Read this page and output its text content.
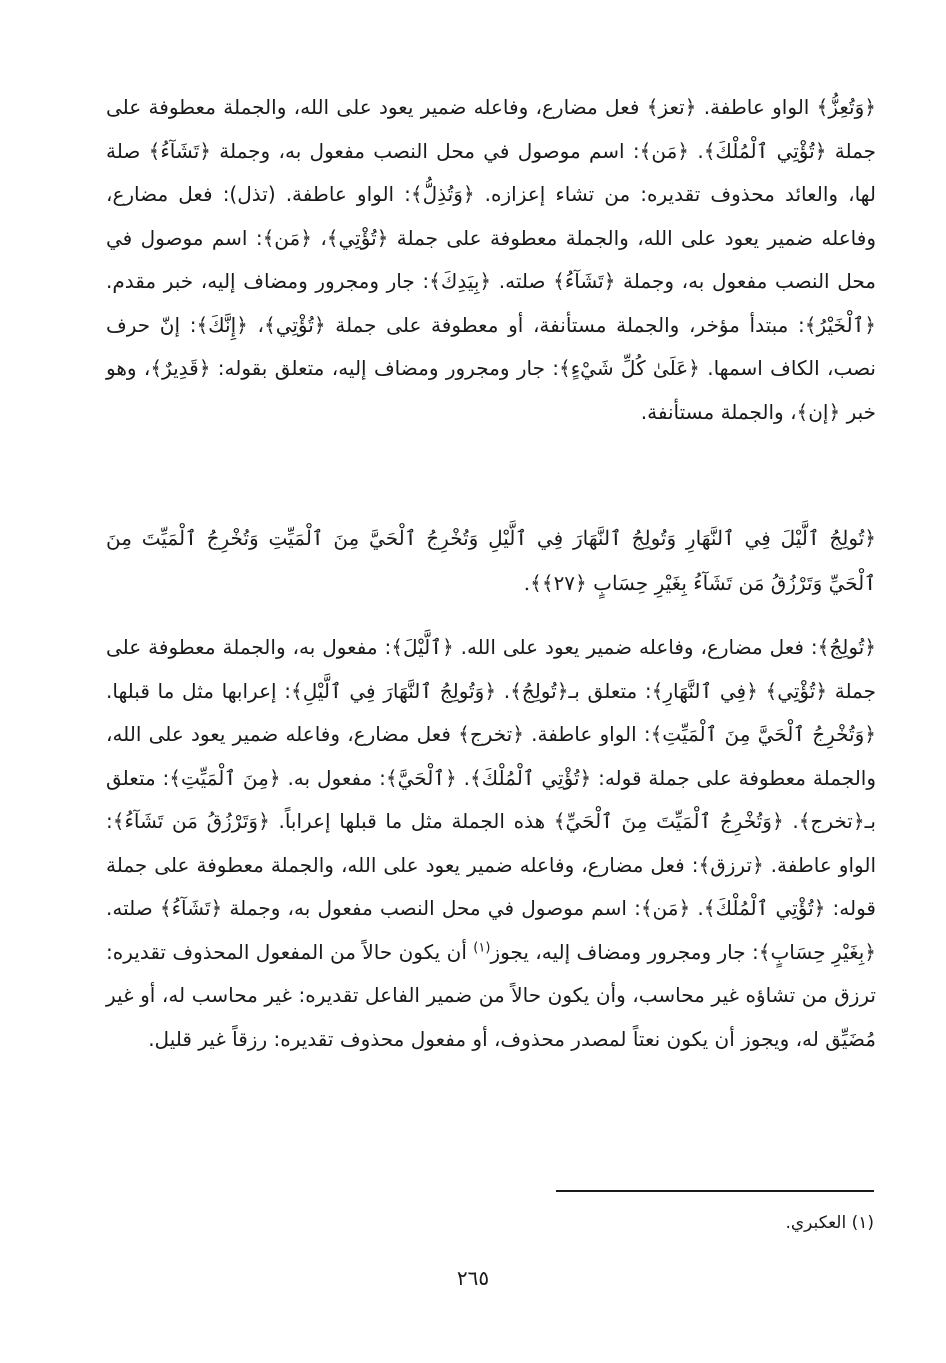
﴿وَتُعِزُّ﴾ الواو عاطفة. ﴿تعز﴾ فعل مضارع، وفاعله ضمير يعود على الله، والجملة معطوفة على جملة ﴿تُؤْتِي ٱلْمُلْكَ﴾. ﴿مَن﴾: اسم موصول في محل النصب مفعول به، وجملة ﴿تَشَآءُ﴾ صلة لها، والعائد محذوف تقديره: من تشاء إعزازه. ﴿وَتُذِلُّ﴾: الواو عاطفة. (تذل): فعل مضارع، وفاعله ضمير يعود على الله، والجملة معطوفة على جملة ﴿تُؤْتِي﴾، ﴿مَن﴾: اسم موصول في محل النصب مفعول به، وجملة ﴿تَشَآءُ﴾ صلته. ﴿بِيَدِكَ﴾: جار ومجرور ومضاف إليه، خبر مقدم. ﴿ٱلْخَيْرُ﴾: مبتدأ مؤخر، والجملة مستأنفة، أو معطوفة على جملة ﴿تُؤْتِي﴾، ﴿إِنَّكَ﴾: إنّ حرف نصب، الكاف اسمها. ﴿عَلَىٰ كُلِّ شَيْءٍ﴾: جار ومجرور ومضاف إليه، متعلق بقوله: ﴿قَدِيرٌ﴾، وهو خبر ﴿إن﴾، والجملة مستأنفة.

﴿تُولِجُ ٱلَّيْلَ فِي ٱلنَّهَارِ وَتُولِجُ ٱلنَّهَارَ فِي ٱلَّيْلِ وَتُخْرِجُ ٱلْحَيَّ مِنَ ٱلْمَيِّتِ وَتُخْرِجُ ٱلْمَيِّتَ مِنَ ٱلْحَيِّ وَتَرْزُقُ مَن تَشَآءُ بِغَيْرِ حِسَابٍ ﴿٢٧﴾﴾.

﴿تُولِجُ﴾: فعل مضارع، وفاعله ضمير يعود على الله. ﴿ٱلَّيْلَ﴾: مفعول به، والجملة معطوفة على جملة ﴿تُؤْتِي﴾ ﴿فِي ٱلنَّهَارِ﴾: متعلق بـ﴿تُولِجُ﴾. ﴿وَتُولِجُ ٱلنَّهَارَ فِي ٱلَّيْلِ﴾: إعرابها مثل ما قبلها. ﴿وَتُخْرِجُ ٱلْحَيَّ مِنَ ٱلْمَيِّتِ﴾: الواو عاطفة. ﴿تخرج﴾ فعل مضارع، وفاعله ضمير يعود على الله، والجملة معطوفة على جملة قوله: ﴿تُؤْتِي ٱلْمُلْكَ﴾. ﴿ٱلْحَيَّ﴾: مفعول به. ﴿مِنَ ٱلْمَيِّتِ﴾: متعلق بـ﴿تخرج﴾. ﴿وَتُخْرِجُ ٱلْمَيِّتَ مِنَ ٱلْحَيِّ﴾ هذه الجملة مثل ما قبلها إعراباً. ﴿وَتَرْزُقُ مَن تَشَآءُ﴾: الواو عاطفة. ﴿ترزق﴾: فعل مضارع، وفاعله ضمير يعود على الله، والجملة معطوفة على جملة قوله: ﴿تُؤْتِي ٱلْمُلْكَ﴾. ﴿مَن﴾: اسم موصول في محل النصب مفعول به، وجملة ﴿تَشَآءُ﴾ صلته. ﴿بِغَيْرِ حِسَابٍ﴾: جار ومجرور ومضاف إليه، يجوز$^{(١)}$ أن يكون حالاً من المفعول المحذوف تقديره: ترزق من تشاؤه غير محاسب، وأن يكون حالاً من ضمير الفاعل تقديره: غير محاسب له، أو غير مُضَيِّق له، ويجوز أن يكون نعتاً لمصدر محذوف، أو مفعول محذوف تقديره: رزقاً غير قليل.

(١) العكبري.
٢٦٥
